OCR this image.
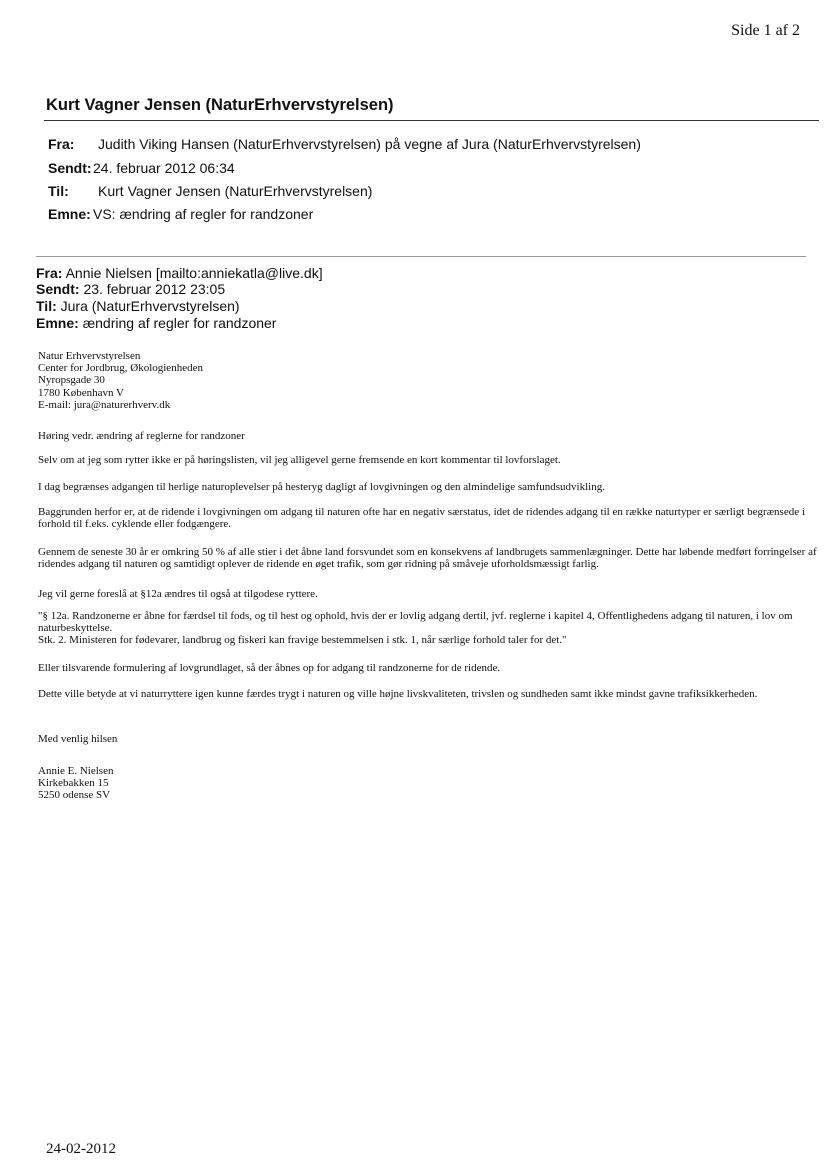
Side 1 af 2
Kurt Vagner Jensen (NaturErhvervstyrelsen)
Fra: Judith Viking Hansen (NaturErhvervstyrelsen) på vegne af Jura (NaturErhvervstyrelsen)
Sendt:24. februar 2012 06:34
Til: Kurt Vagner Jensen (NaturErhvervstyrelsen)
Emne: VS: ændring af regler for randzoner
Fra: Annie Nielsen [mailto:anniekatla@live.dk]
Sendt: 23. februar 2012 23:05
Til: Jura (NaturErhvervstyrelsen)
Emne: ændring af regler for randzoner

Natur Erhvervstyrelsen

Center for Jordbrug, Økologienheden

Nyropsgade 30

1780 København V

E-mail: jura@naturerhverv.dk

Høring vedr. ændring af reglerne for randzoner
Selv om at jeg som rytter ikke er på høringslisten, vil jeg alligevel gerne fremsende en kort kommentar til lovforslaget.
I dag begrænses adgangen til herlige naturoplevelser på hesteryg dagligt af lovgivningen og den almindelige samfundsudvikling.
Baggrunden herfor er, at de ridende i lovgivningen om adgang til naturen ofte har en negativ særstatus, idet de ridendes adgang til en række naturtyper er særligt begrænsede i forhold til f.eks. cyklende eller fodgængere.
Gennem de seneste 30 år er omkring 50 % af alle stier i det åbne land forsvundet som en konsekvens af landbrugets sammenlægninger. Dette har løbende medført forringelser af ridendes adgang til naturen og samtidigt oplever de ridende en øget trafik, som gør ridning på småveje uforholdsmæssigt farlig.
Jeg vil gerne foreslå at §12a ændres til også at tilgodese ryttere.
"§ 12a. Randzonerne er åbne for færdsel til fods, og til hest og ophold, hvis der er lovlig adgang dertil, jvf. reglerne i kapitel 4, Offentlighedens adgang til naturen, i lov om naturbeskyttelse.
Stk. 2. Ministeren for fødevarer, landbrug og fiskeri kan fravige bestemmelsen i stk. 1, når særlige forhold taler for det."
Eller tilsvarende formulering af lovgrundlaget, så der åbnes op for adgang til randzonerne for de ridende.
Dette ville betyde at vi naturryttere igen kunne færdes trygt i naturen og ville højne livskvaliteten, trivslen og sundheden samt ikke mindst gavne trafiksikkerheden.
Med venlig hilsen

Annie E. Nielsen

Kirkebakken 15

5250 odense SV

24-02-2012
